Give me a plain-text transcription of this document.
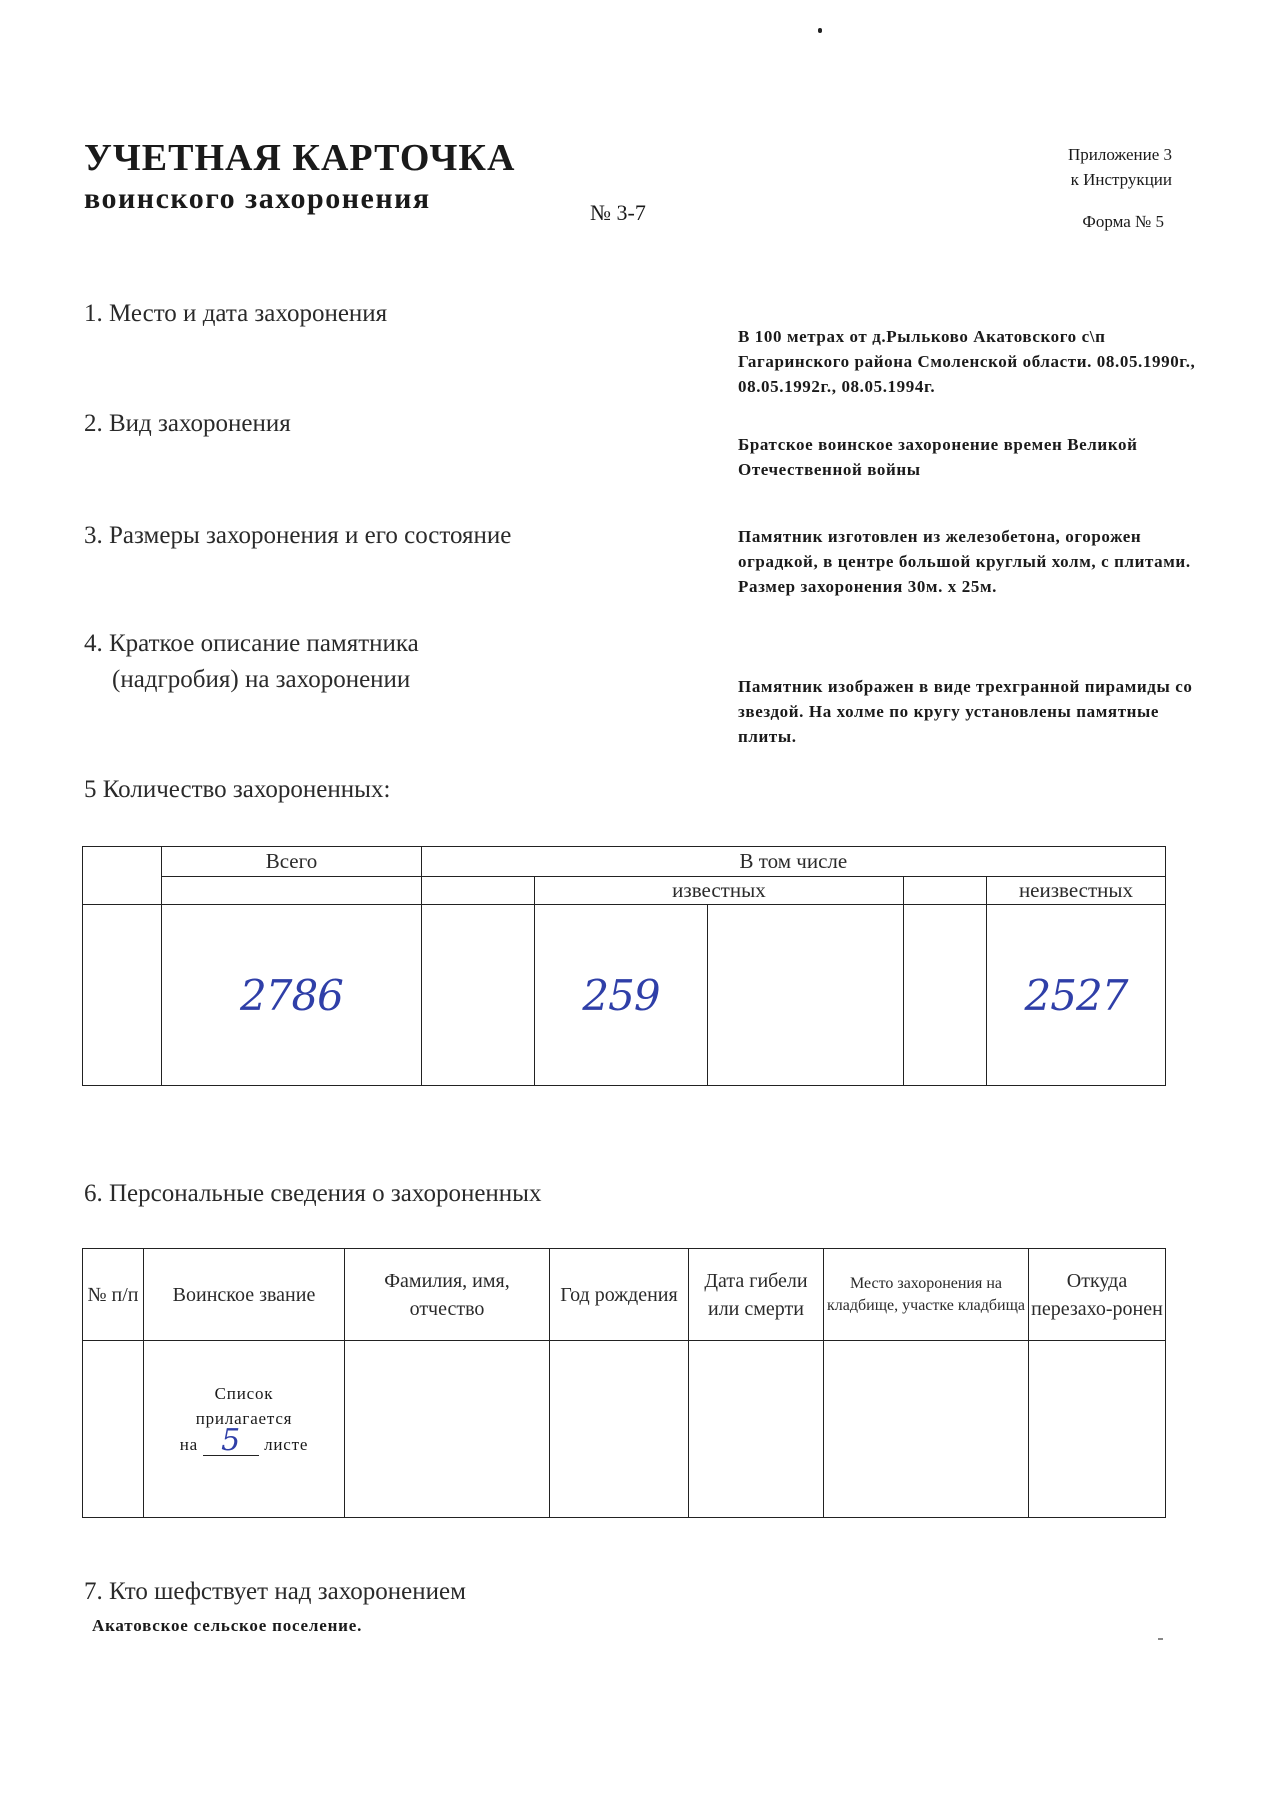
УЧЕТНАЯ КАРТОЧКА
воинского захоронения	№ 3-7
Приложение 3
к Инструкции
Форма № 5
1. Место и дата захоронения
В 100 метрах от д.Рыльково Акатовского с\п Гагаринского района Смоленской области. 08.05.1990г., 08.05.1992г., 08.05.1994г.
2. Вид захоронения
Братское воинское захоронение времен Великой Отечественной войны
3. Размеры захоронения и его состояние	Памятник изготовлен из железобетона, огорожен оградкой, в центре большой круглый холм, с плитами. Размер захоронения 30м. х 25м.
4. Краткое описание памятника
(надгробия) на захоронении	Памятник изображен в виде трехгранной пирамиды со звездой. На холме по кругу установлены памятные плиты.
5 Количество захороненных:
	Всего	В том числе				
			известных			неизвестных
	2786		259			2527
6. Персональные сведения о захороненных
№ п/п	Воинское звание	Фамилия, имя, отчество	Год рождения	Дата гибели или смерти	Место захоронения на кладбище, участке кладбища	Откуда перезахо-ронен

	Список
прилагается
на 5 листе					

7. Кто шефствует над захоронением
Акатовское сельское поселение.
